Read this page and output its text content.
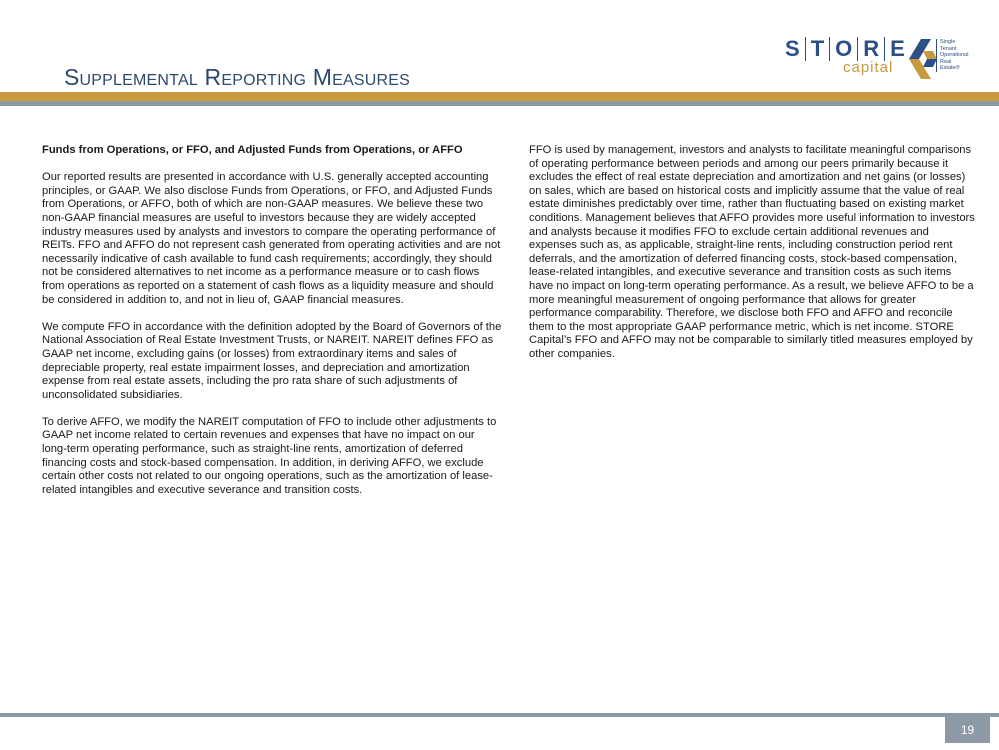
Supplemental Reporting Measures
S T O R E
capital
Single
Tenant
Operational
Real
Estate®

Funds from Operations, or FFO, and Adjusted Funds from Operations, or AFFO

Our reported results are presented in accordance with U.S. generally accepted accounting principles, or GAAP. We also disclose Funds from Operations, or FFO, and Adjusted Funds from Operations, or AFFO, both of which are non-GAAP measures. We believe these two non-GAAP financial measures are useful to investors because they are widely accepted industry measures used by analysts and investors to compare the operating performance of REITs. FFO and AFFO do not represent cash generated from operating activities and are not necessarily indicative of cash available to fund cash requirements; accordingly, they should not be considered alternatives to net income as a performance measure or to cash flows from operations as reported on a statement of cash flows as a liquidity measure and should be considered in addition to, and not in lieu of, GAAP financial measures.

We compute FFO in accordance with the definition adopted by the Board of Governors of the National Association of Real Estate Investment Trusts, or NAREIT. NAREIT defines FFO as GAAP net income, excluding gains (or losses) from extraordinary items and sales of depreciable property, real estate impairment losses, and depreciation and amortization expense from real estate assets, including the pro rata share of such adjustments of unconsolidated subsidiaries.

To derive AFFO, we modify the NAREIT computation of FFO to include other adjustments to GAAP net income related to certain revenues and expenses that have no impact on our long-term operating performance, such as straight-line rents, amortization of deferred financing costs and stock-based compensation. In addition, in deriving AFFO, we exclude certain other costs not related to our ongoing operations, such as the amortization of lease-related intangibles and executive severance and transition costs.

FFO is used by management, investors and analysts to facilitate meaningful comparisons of operating performance between periods and among our peers primarily because it excludes the effect of real estate depreciation and amortization and net gains (or losses) on sales, which are based on historical costs and implicitly assume that the value of real estate diminishes predictably over time, rather than fluctuating based on existing market conditions. Management believes that AFFO provides more useful information to investors and analysts because it modifies FFO to exclude certain additional revenues and expenses such as, as applicable, straight-line rents, including construction period rent deferrals, and the amortization of deferred financing costs, stock-based compensation, lease-related intangibles, and executive severance and transition costs as such items have no impact on long-term operating performance. As a result, we believe AFFO to be a more meaningful measurement of ongoing performance that allows for greater performance comparability. Therefore, we disclose both FFO and AFFO and reconcile them to the most appropriate GAAP performance metric, which is net income. STORE Capital’s FFO and AFFO may not be comparable to similarly titled measures employed by other companies.

19
